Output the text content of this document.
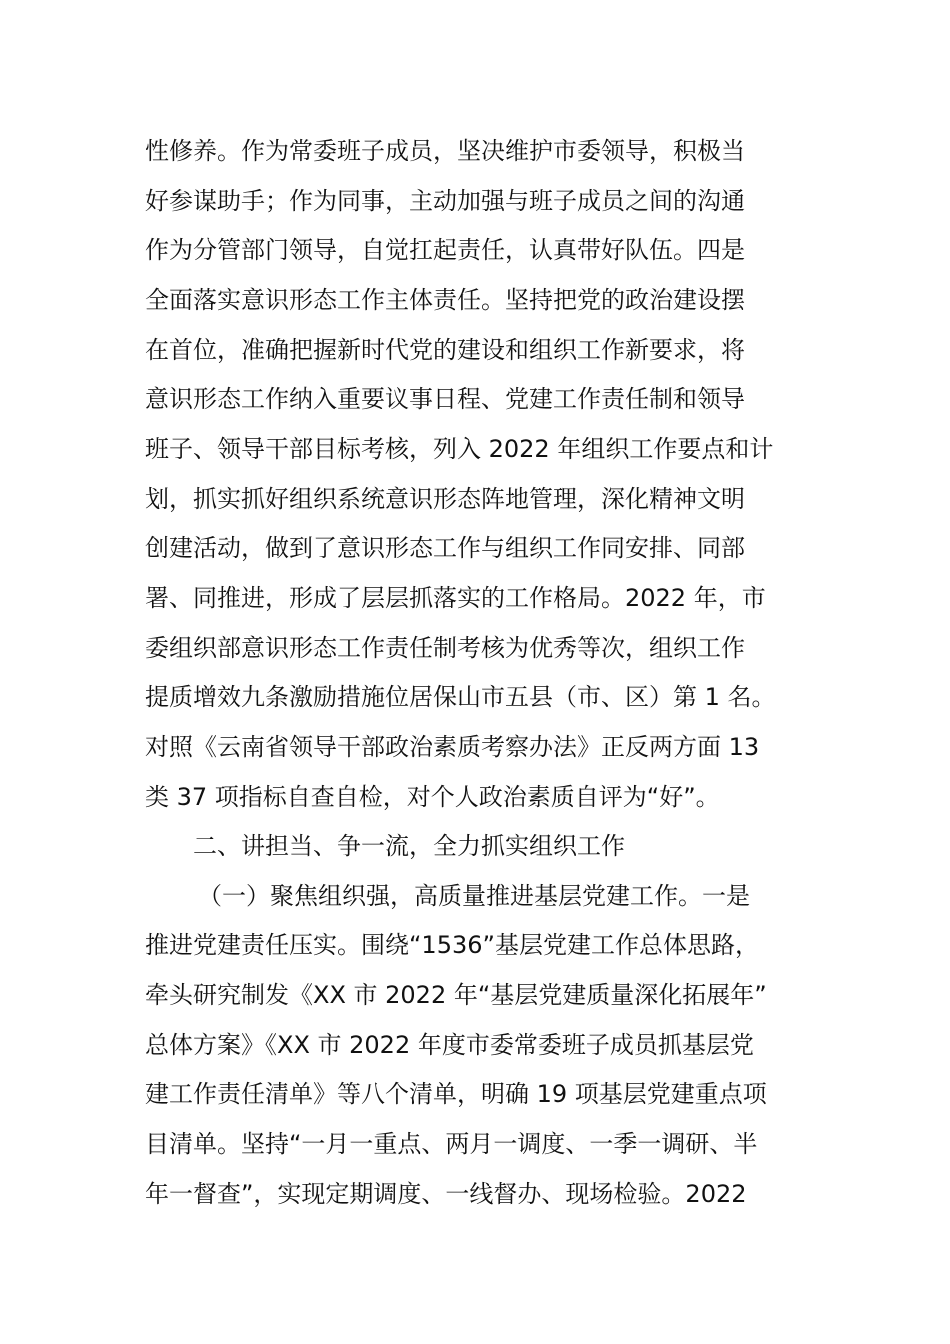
性修养。作为常委班子成员，坚决维护市委领导，积极当
好参谋助手；作为同事，主动加强与班子成员之间的沟通
作为分管部门领导，自觉扛起责任，认真带好队伍。四是
全面落实意识形态工作主体责任。坚持把党的政治建设摆
在首位，准确把握新时代党的建设和组织工作新要求，将
意识形态工作纳入重要议事日程、党建工作责任制和领导
班子、领导干部目标考核，列入 2022 年组织工作要点和计
划，抓实抓好组织系统意识形态阵地管理，深化精神文明
创建活动，做到了意识形态工作与组织工作同安排、同部
署、同推进，形成了层层抓落实的工作格局。2022 年，市
委组织部意识形态工作责任制考核为优秀等次，组织工作
提质增效九条激励措施位居保山市五县（市、区）第 1 名。
对照《云南省领导干部政治素质考察办法》正反两方面 13
类 37 项指标自查自检，对个人政治素质自评为“好”。
二、讲担当、争一流，全力抓实组织工作
（一）聚焦组织强，高质量推进基层党建工作。一是
推进党建责任压实。围绕“1536”基层党建工作总体思路，
牵头研究制发《XX 市 2022 年“基层党建质量深化拓展年”
总体方案》《XX 市 2022 年度市委常委班子成员抓基层党
建工作责任清单》等八个清单，明确 19 项基层党建重点项
目清单。坚持“一月一重点、两月一调度、一季一调研、半
年一督查”，实现定期调度、一线督办、现场检验。2022
